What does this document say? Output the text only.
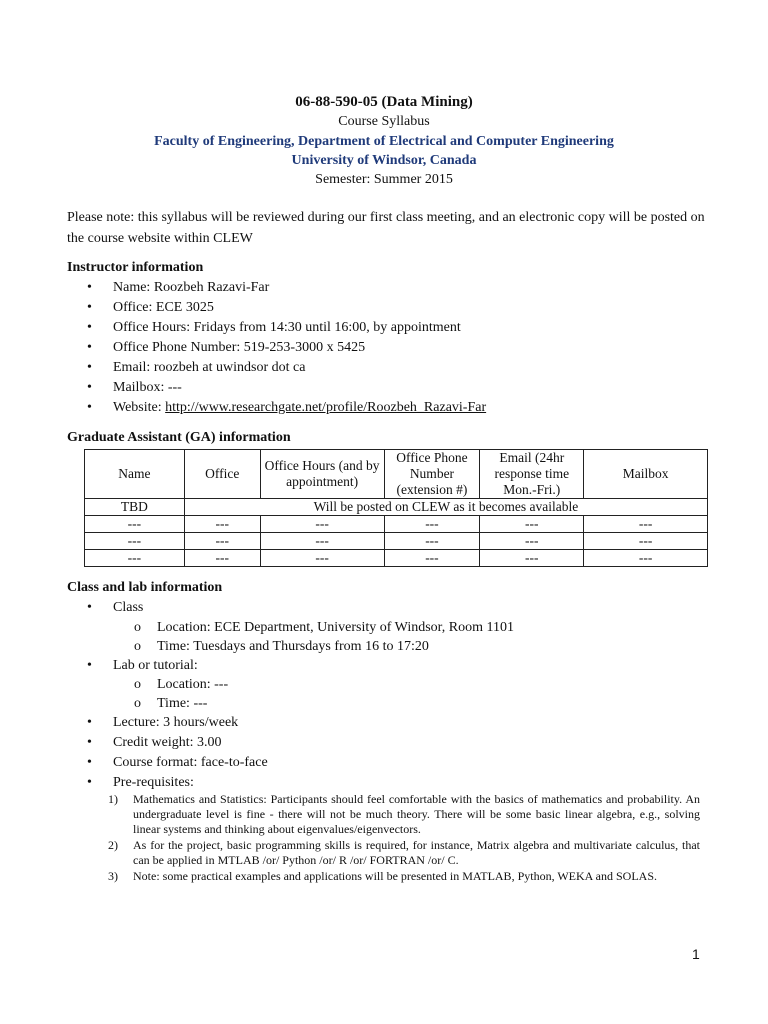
06-88-590-05 (Data Mining)
Course Syllabus
Faculty of Engineering, Department of Electrical and Computer Engineering
University of Windsor, Canada
Semester: Summer 2015
Please note: this syllabus will be reviewed during our first class meeting, and an electronic copy will be posted on
the course website within CLEW
Instructor information
• Name: Roozbeh Razavi-Far
• Office: ECE 3025
• Office Hours: Fridays from 14:30 until 16:00, by appointment
• Office Phone Number: 519-253-3000 x 5425
• Email: roozbeh at uwindsor dot ca
• Mailbox: ---
• Website: http://www.researchgate.net/profile/Roozbeh_Razavi-Far
Graduate Assistant (GA) information
Name	Office	Office Hours (and by appointment)	Office Phone Number (extension #)	Email (24hr response time Mon.-Fri.)	Mailbox
TBD	Will be posted on CLEW as it becomes available				
---	---	---	---	---	---
---	---	---	---	---	---
---	---	---	---	---	---
Class and lab information
• Class
o Location: ECE Department, University of Windsor, Room 1101
o Time: Tuesdays and Thursdays from 16 to 17:20
• Lab or tutorial:
o Location: ---
o Time: ---
• Lecture: 3 hours/week
• Credit weight: 3.00
• Course format: face-to-face
• Pre-requisites:
1) Mathematics and Statistics: Participants should feel comfortable with the basics of mathematics and probability. An undergraduate level is fine - there will not be much theory. There will be some basic linear algebra, e.g., solving linear systems and thinking about eigenvalues/eigenvectors.
2) As for the project, basic programming skills is required, for instance, Matrix algebra and multivariate calculus, that can be applied in MTLAB /or/ Python /or/ R /or/ FORTRAN /or/ C.
3) Note: some practical examples and applications will be presented in MATLAB, Python, WEKA and SOLAS.
1
